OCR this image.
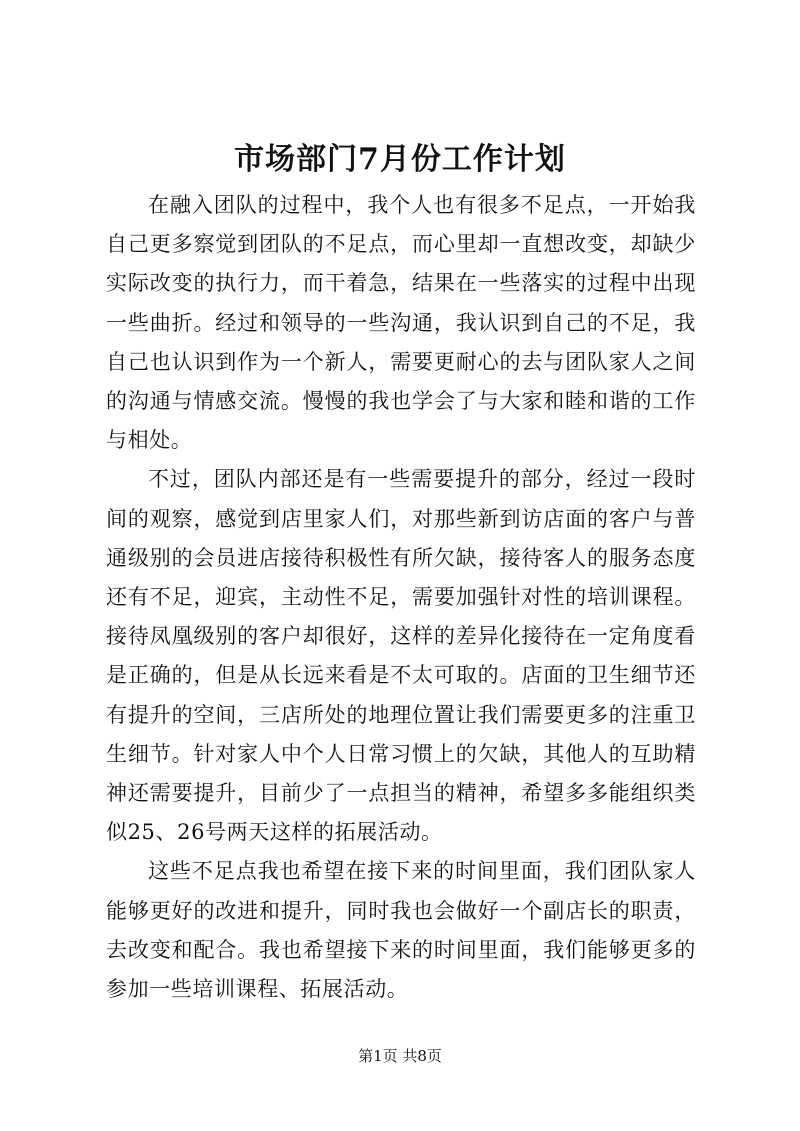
市场部门7月份工作计划

在融入团队的过程中，我个人也有很多不足点，一开始我自己更多察觉到团队的不足点，而心里却一直想改变，却缺少实际改变的执行力，而干着急，结果在一些落实的过程中出现一些曲折。经过和领导的一些沟通，我认识到自己的不足，我自己也认识到作为一个新人，需要更耐心的去与团队家人之间的沟通与情感交流。慢慢的我也学会了与大家和睦和谐的工作与相处。

不过，团队内部还是有一些需要提升的部分，经过一段时间的观察，感觉到店里家人们，对那些新到访店面的客户与普通级别的会员进店接待积极性有所欠缺，接待客人的服务态度还有不足，迎宾，主动性不足，需要加强针对性的培训课程。接待凤凰级别的客户却很好，这样的差异化接待在一定角度看是正确的，但是从长远来看是不太可取的。店面的卫生细节还有提升的空间，三店所处的地理位置让我们需要更多的注重卫生细节。针对家人中个人日常习惯上的欠缺，其他人的互助精神还需要提升，目前少了一点担当的精神，希望多多能组织类似25、26号两天这样的拓展活动。

这些不足点我也希望在接下来的时间里面，我们团队家人能够更好的改进和提升，同时我也会做好一个副店长的职责，去改变和配合。我也希望接下来的时间里面，我们能够更多的参加一些培训课程、拓展活动。

第1页 共8页
